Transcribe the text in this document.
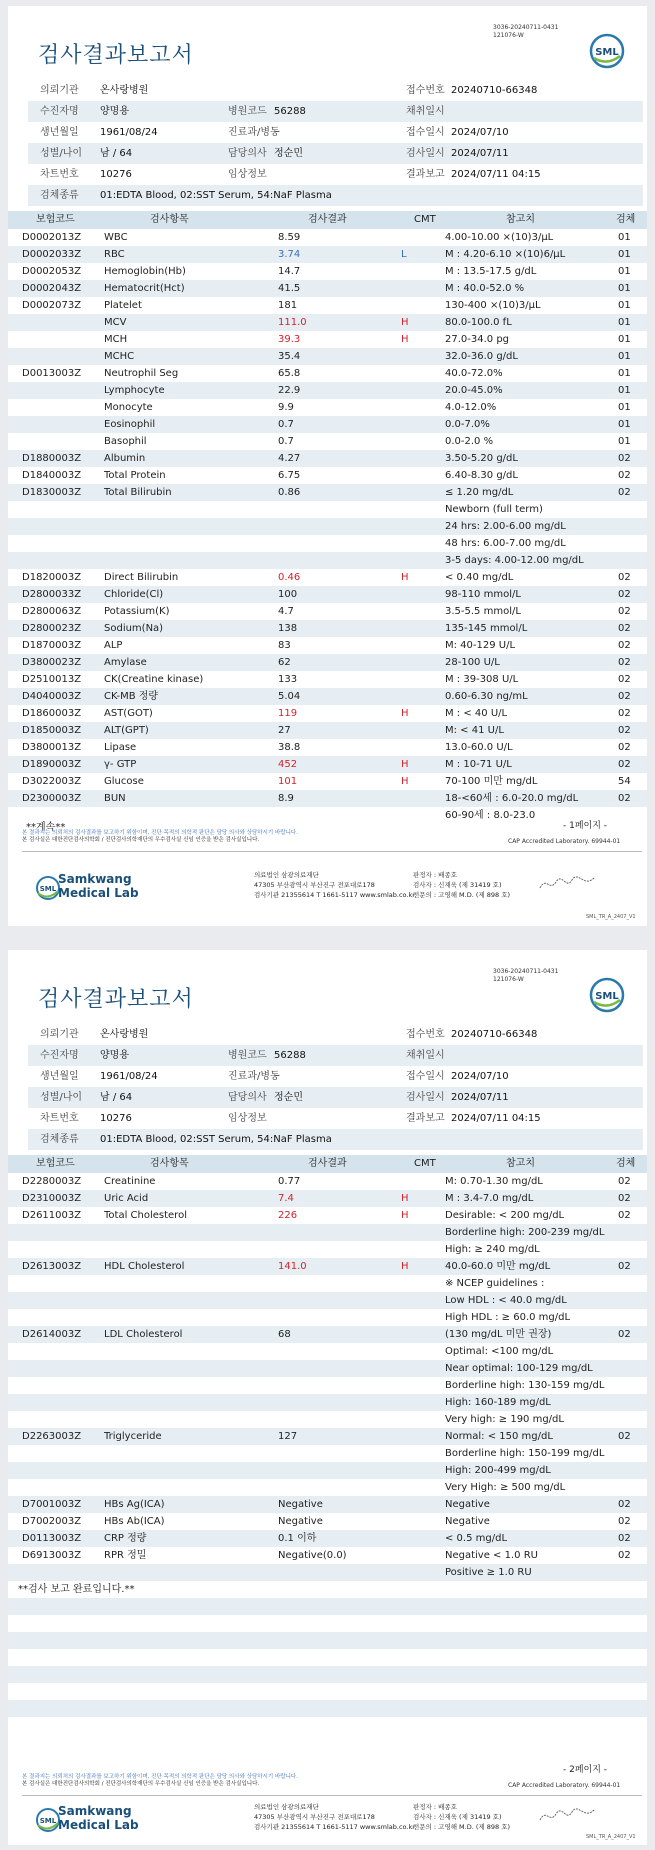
3036-20240711-0431
121076-W
검사결과보고서	SML
의뢰기관 온사랑병원	접수번호 20240710-66348
수진자명 양명용	병원코드 56288	채취일시
생년월일 1961/08/24	진료과/병동	접수일시 2024/07/10
성별/나이 남 / 64	담당의사 정순민	검사일시 2024/07/11
차트번호 10276	임상정보	결과보고 2024/07/11 04:15
검체종류 01:EDTA Blood, 02:SST Serum, 54:NaF Plasma
보험코드	검사항목	검사결과	CMT	참고치	검체
D0002013Z WBC	8.59	4.00-10.00 ×(10)3/μL	01
D0002033Z RBC	3.74	L	M : 4.20-6.10 ×(10)6/μL	01
D0002053Z Hemoglobin(Hb)	14.7	M : 13.5-17.5 g/dL	01
D0002043Z Hematocrit(Hct)	41.5	M : 40.0-52.0 %	01
D0002073Z Platelet	181	130-400 ×(10)3/μL	01
MCV	111.0	H	80.0-100.0 fL	01
MCH	39.3	H	27.0-34.0 pg	01
MCHC	35.4	32.0-36.0 g/dL	01
D0013003Z Neutrophil Seg	65.8	40.0-72.0%	01
Lymphocyte	22.9	20.0-45.0%	01
Monocyte	9.9	4.0-12.0%	01
Eosinophil	0.7	0.0-7.0%	01
Basophil	0.7	0.0-2.0 %	01
D1880003Z Albumin	4.27	3.50-5.20 g/dL	02
D1840003Z Total Protein	6.75	6.40-8.30 g/dL	02
D1830003Z Total Bilirubin	0.86	≤ 1.20 mg/dL	02
Newborn (full term)
24 hrs: 2.00-6.00 mg/dL
48 hrs: 6.00-7.00 mg/dL
3-5 days: 4.00-12.00 mg/dL
D1820003Z Direct Bilirubin	0.46	H	< 0.40 mg/dL	02
D2800033Z Chloride(Cl)	100	98-110 mmol/L	02
D2800063Z Potassium(K)	4.7	3.5-5.5 mmol/L	02
D2800023Z Sodium(Na)	138	135-145 mmol/L	02
D1870003Z ALP	83	M: 40-129 U/L	02
D3800023Z Amylase	62	28-100 U/L	02
D2510013Z CK(Creatine kinase)	133	M : 39-308 U/L	02
D4040003Z CK-MB 정량	5.04	0.60-6.30 ng/mL	02
D1860003Z AST(GOT)	119	H	M : < 40 U/L	02
D1850003Z ALT(GPT)	27	M: < 41 U/L	02
D3800013Z Lipase	38.8	13.0-60.0 U/L	02
D1890003Z γ- GTP	452	H	M : 10-71 U/L	02
D3022003Z Glucose	101	H	70-100 미만 mg/dL	54
D2300003Z BUN	8.9	18-<60세 : 6.0-20.0 mg/dL	02
60-90세 : 8.0-23.0
**계속**	- 1페이지 -
본 결과지는 의뢰처의 검사결과를 보고하기 위함이며, 진단 목적의 의학적 판단은 담당 의사와 상담하시기 바랍니다.
본 검사실은 대한진단검사의학회 / 진단검사의학재단의 우수검사실 신임 인증을 받은 검사실입니다.	CAP Accredited Laboratory. 69944-01
SML
Samkwang
Medical Lab
의료법인 삼광의료재단
47305 부산광역시 부산진구 전포대로178
검사기관 21355614 T 1661-5117 www.smlab.co.kr
판정자 : 배종호
검사자 : 신재욱 (제 31419 호)
전문의 : 고영해 M.D. (제 898 호)
SML_TR_A_2407_V1
3036-20240711-0431
121076-W
검사결과보고서	SML
의뢰기관 온사랑병원	접수번호 20240710-66348
수진자명 양명용	병원코드 56288	채취일시
생년월일 1961/08/24	진료과/병동	접수일시 2024/07/10
성별/나이 남 / 64	담당의사 정순민	검사일시 2024/07/11
차트번호 10276	임상정보	결과보고 2024/07/11 04:15
검체종류 01:EDTA Blood, 02:SST Serum, 54:NaF Plasma
보험코드	검사항목	검사결과	CMT	참고치	검체
D2280003Z Creatinine	0.77	M: 0.70-1.30 mg/dL	02
D2310003Z Uric Acid	7.4	H	M : 3.4-7.0 mg/dL	02
D2611003Z Total Cholesterol	226	H	Desirable: < 200 mg/dL	02
Borderline high: 200-239 mg/dL
High: ≥ 240 mg/dL
D2613003Z HDL Cholesterol	141.0	H	40.0-60.0 미만 mg/dL	02
※ NCEP guidelines :
Low HDL : < 40.0 mg/dL
High HDL : ≥ 60.0 mg/dL
D2614003Z LDL Cholesterol	68	(130 mg/dL 미만 권장)	02
Optimal: <100 mg/dL
Near optimal: 100-129 mg/dL
Borderline high: 130-159 mg/dL
High: 160-189 mg/dL
Very high: ≥ 190 mg/dL
D2263003Z Triglyceride	127	Normal: < 150 mg/dL	02
Borderline high: 150-199 mg/dL
High: 200-499 mg/dL
Very High: ≥ 500 mg/dL
D7001003Z HBs Ag(ICA)	Negative	Negative	02
D7002003Z HBs Ab(ICA)	Negative	Negative	02
D0113003Z CRP 정량	0.1 이하	< 0.5 mg/dL	02
D6913003Z RPR 정밀	Negative(0.0)	Negative < 1.0 RU	02
Positive ≥ 1.0 RU
**검사 보고 완료입니다.**
- 2페이지 -
본 결과지는 의뢰처의 검사결과를 보고하기 위함이며, 진단 목적의 의학적 판단은 담당 의사와 상담하시기 바랍니다.
본 검사실은 대한진단검사의학회 / 진단검사의학재단의 우수검사실 신임 인증을 받은 검사실입니다.	CAP Accredited Laboratory. 69944-01
SML
Samkwang
Medical Lab
의료법인 삼광의료재단
47305 부산광역시 부산진구 전포대로178
검사기관 21355614 T 1661-5117 www.smlab.co.kr
판정자 : 배종호
검사자 : 신재욱 (제 31419 호)
전문의 : 고영해 M.D. (제 898 호)
SML_TR_A_2407_V1
